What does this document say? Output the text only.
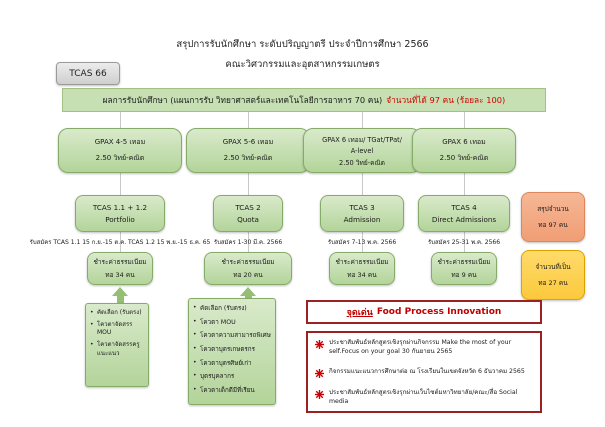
สรุปการรับนักศึกษา ระดับปริญญาตรี ประจำปีการศึกษา 2566
คณะวิศวกรรมและอุตสาหกรรมเกษตร
TCAS 66
ผลการรับนักศึกษา (แผนการรับ วิทยาศาสตร์และเทคโนโลยีการอาหาร 70 คน) จำนวนที่ได้ 97 คน (ร้อยละ 100)
GPAX 4-5 เทอม
2.50 วิทย์-คณิต
TCAS 1.1 + 1.2
Portfolio
รับสมัคร TCAS 1.1 15 ก.ย.-15 ต.ค. TCAS 1.2 15 พ.ย.-15 ธ.ค. 65
ชำระค่าธรรมเนียม
ทอ 34 คน
• คัดเลือก (รับตรง)
• โควตาจัดสรร MOU
• โควตาจัดสรรครูแนะแนว
GPAX 5-6 เทอม
2.50 วิทย์-คณิต
TCAS 2
Quota
รับสมัคร 1-30 มี.ค. 2566
ชำระค่าธรรมเนียม
ทอ 20 คน
• คัดเลือก (รับตรง)
• โควตา MOU
• โควตาความสามารถพิเศษ
• โควตาบุตรเกษตรกร
• โควตาบุตรศิษย์เก่า
• บุตรบุคลากร
• โควตาเด็กดีมีที่เรียน
GPAX 6 เทอม/ TGat/TPat/
A-level
2.50 วิทย์-คณิต
TCAS 3
Admission
รับสมัคร 7-13 พ.ค. 2566
ชำระค่าธรรมเนียม
ทอ 34 คน
GPAX 6 เทอม
2.50 วิทย์-คณิต
TCAS 4
Direct Admissions
รับสมัคร 25-31 พ.ค. 2566
ชำระค่าธรรมเนียม
ทอ 9 คน
สรุปจำนวน
ทอ 97 คน
จำนวนที่เป็น
ทอ 27 คน
จุดเด่น Food Process Innovation
ประชาสัมพันธ์หลักสูตรเชิงรุกผ่านกิจกรรม Make the most of your self.Focus on your goal 30 กันยายน 2565
กิจกรรมแนะแนวการศึกษาต่อ ณ โรงเรียนในเขตจังหวัด 6 ธันวาคม 2565
ประชาสัมพันธ์หลักสูตรเชิงรุกผ่านเว็บไซต์มหาวิทยาลัย/คณะ/สื่อ Social media
